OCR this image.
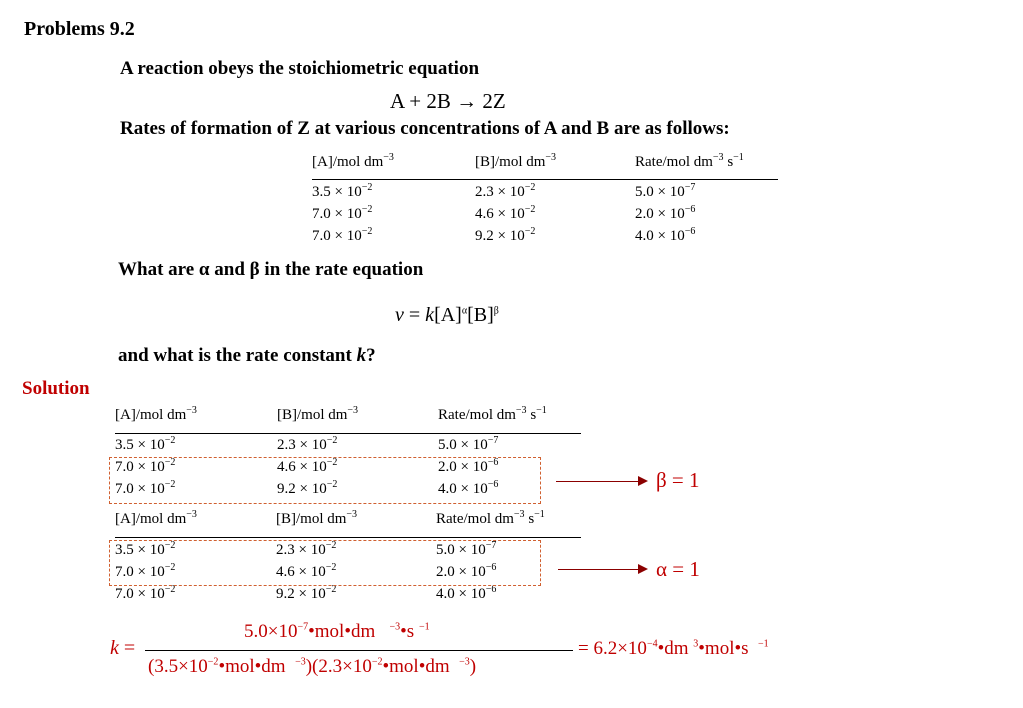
Problems 9.2
A reaction obeys the stoichiometric equation
A + 2B → 2Z
Rates of formation of Z at various concentrations of A and B are as follows:
[A]/mol $dm^{-3}$	[B]/mol $dm^{-3}$	Rate/mol $dm^{-3}$ $s^{-1}$
$3.5 \times 10^{-2}$	$2.3 \times 10^{-2}$	$5.0 \times 10^{-7}$
$7.0 \times 10^{-2}$	$4.6 \times 10^{-2}$	$2.0 \times 10^{-6}$
$7.0 \times 10^{-2}$	$9.2 \times 10^{-2}$	$4.0 \times 10^{-6}$
What are α and β in the rate equation
$v = k[A]^\alpha[B]^\beta$
and what is the rate constant k?
Solution
[A]/mol $dm^{-3}$	[B]/mol $dm^{-3}$	Rate/mol $dm^{-3}$ $s^{-1}$
$3.5 \times 10^{-2}$	$2.3 \times 10^{-2}$	$5.0 \times 10^{-7}$
$7.0 \times 10^{-2}$	$4.6 \times 10^{-2}$	$2.0 \times 10^{-6}$
$7.0 \times 10^{-2}$	$9.2 \times 10^{-2}$	$4.0 \times 10^{-6}$	β = 1
[A]/mol $dm^{-3}$	[B]/mol $dm^{-3}$	Rate/mol $dm^{-3}$ $s^{-1}$
$3.5 \times 10^{-2}$	$2.3 \times 10^{-2}$	$5.0 \times 10^{-7}$
$7.0 \times 10^{-2}$	$4.6 \times 10^{-2}$	$2.0 \times 10^{-6}$
$7.0 \times 10^{-2}$	$9.2 \times 10^{-2}$	$4.0 \times 10^{-6}$
α = 1
k =
$5.0\times 10^{-7}•mol•dm$ $^{-3}$•s $^{-1}$
($3.5\times 10^{-2}•mol•dm$ $^{-3})(2.3\times 10^{-2}•mol•dm$ $^{-3}$)
= $6.2\times 10^{-4}•dm$ $^3$•mol•s $^{-1}$
